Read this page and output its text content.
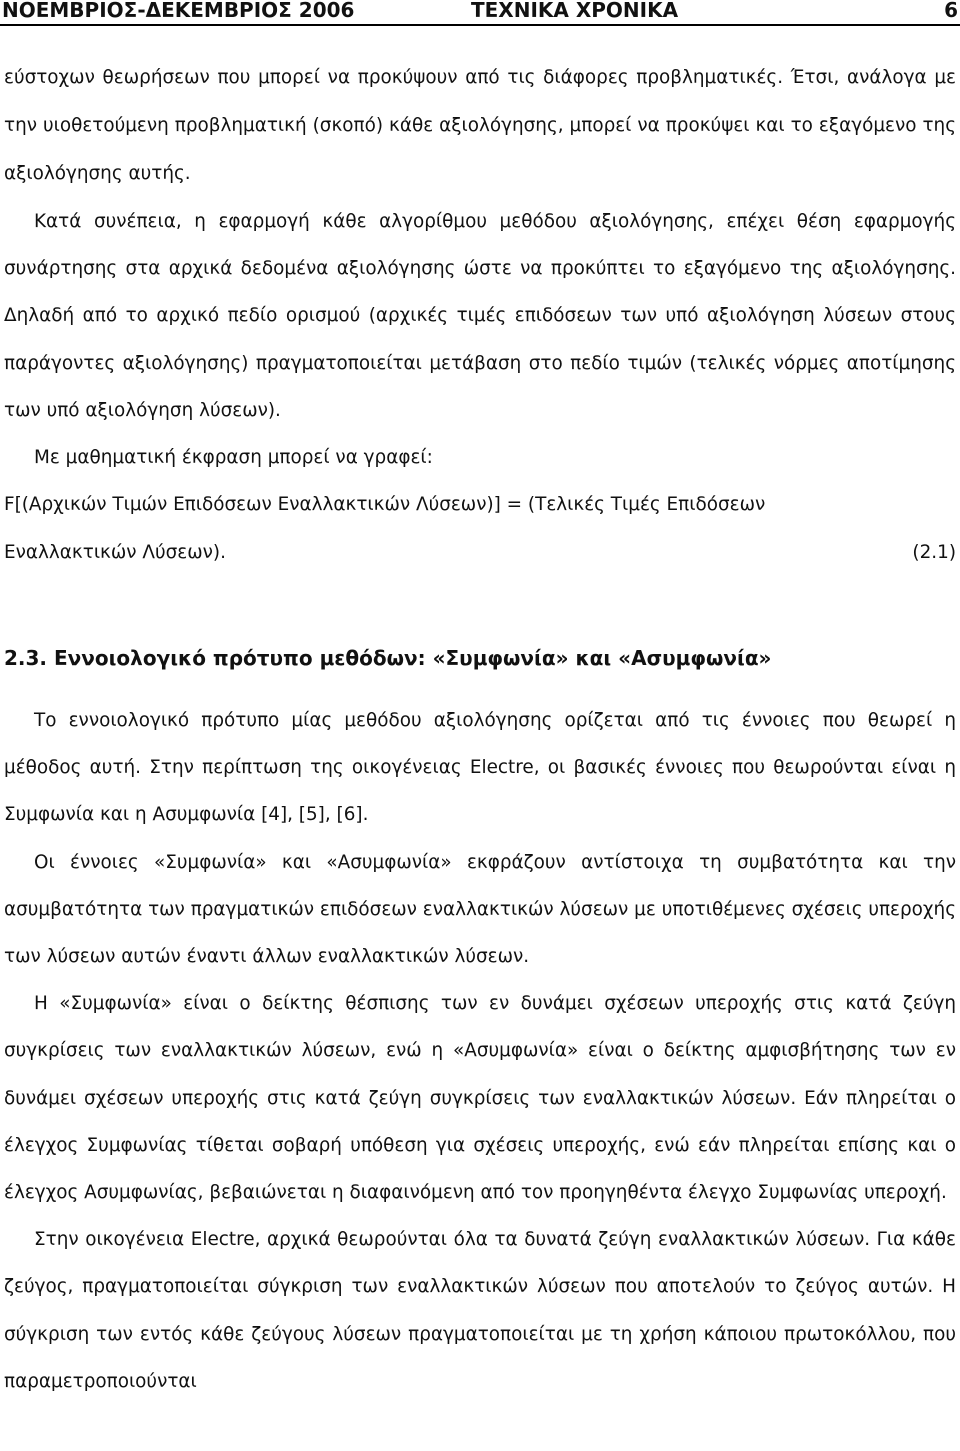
ΝΟΕΜΒΡΙΟΣ-ΔΕΚΕΜΒΡΙΟΣ 2006	ΤΕΧΝΙΚΑ ΧΡΟΝΙΚΑ	6

εύστοχων θεωρήσεων που μπορεί να προκύψουν από τις διάφορες προβληματικές. Έτσι, ανάλογα με την υιοθετούμενη προβληματική (σκοπό) κάθε αξιολόγησης, μπορεί να προκύψει και το εξαγόμενο της αξιολόγησης αυτής.

Κατά συνέπεια, η εφαρμογή κάθε αλγορίθμου μεθόδου αξιολόγησης, επέχει θέση εφαρμογής συνάρτησης στα αρχικά δεδομένα αξιολόγησης ώστε να προκύπτει το εξαγόμενο της αξιολόγησης. Δηλαδή από το αρχικό πεδίο ορισμού (αρχικές τιμές επιδόσεων των υπό αξιολόγηση λύσεων στους παράγοντες αξιολόγησης) πραγματοποιείται μετάβαση στο πεδίο τιμών (τελικές νόρμες αποτίμησης των υπό αξιολόγηση λύσεων).

Με μαθηματική έκφραση μπορεί να γραφεί:

F[(Αρχικών Τιμών Επιδόσεων Εναλλακτικών Λύσεων)] = (Τελικές Τιμές Επιδόσεων

Εναλλακτικών Λύσεων).	(2.1)
2.3. Εννοιολογικό πρότυπο μεθόδων: «Συμφωνία» και «Ασυμφωνία»

Το εννοιολογικό πρότυπο μίας μεθόδου αξιολόγησης ορίζεται από τις έννοιες που θεωρεί η μέθοδος αυτή. Στην περίπτωση της οικογένειας Electre, οι βασικές έννοιες που θεωρούνται είναι η Συμφωνία και η Ασυμφωνία [4], [5], [6].

Οι έννοιες «Συμφωνία» και «Ασυμφωνία» εκφράζουν αντίστοιχα τη συμβατότητα και την ασυμβατότητα των πραγματικών επιδόσεων εναλλακτικών λύσεων με υποτιθέμενες σχέσεις υπεροχής των λύσεων αυτών έναντι άλλων εναλλακτικών λύσεων.

Η «Συμφωνία» είναι ο δείκτης θέσπισης των εν δυνάμει σχέσεων υπεροχής στις κατά ζεύγη συγκρίσεις των εναλλακτικών λύσεων, ενώ η «Ασυμφωνία» είναι ο δείκτης αμφισβήτησης των εν δυνάμει σχέσεων υπεροχής στις κατά ζεύγη συγκρίσεις των εναλλακτικών λύσεων. Εάν πληρείται ο έλεγχος Συμφωνίας τίθεται σοβαρή υπόθεση για σχέσεις υπεροχής, ενώ εάν πληρείται επίσης και ο έλεγχος Ασυμφωνίας, βεβαιώνεται η διαφαινόμενη από τον προηγηθέντα έλεγχο Συμφωνίας υπεροχή.

Στην οικογένεια Electre, αρχικά θεωρούνται όλα τα δυνατά ζεύγη εναλλακτικών λύσεων. Για κάθε ζεύγος, πραγματοποιείται σύγκριση των εναλλακτικών λύσεων που αποτελούν το ζεύγος αυτών. Η σύγκριση των εντός κάθε ζεύγους λύσεων πραγματοποιείται με τη χρήση κάποιου πρωτοκόλλου, που παραμετροποιούνται
